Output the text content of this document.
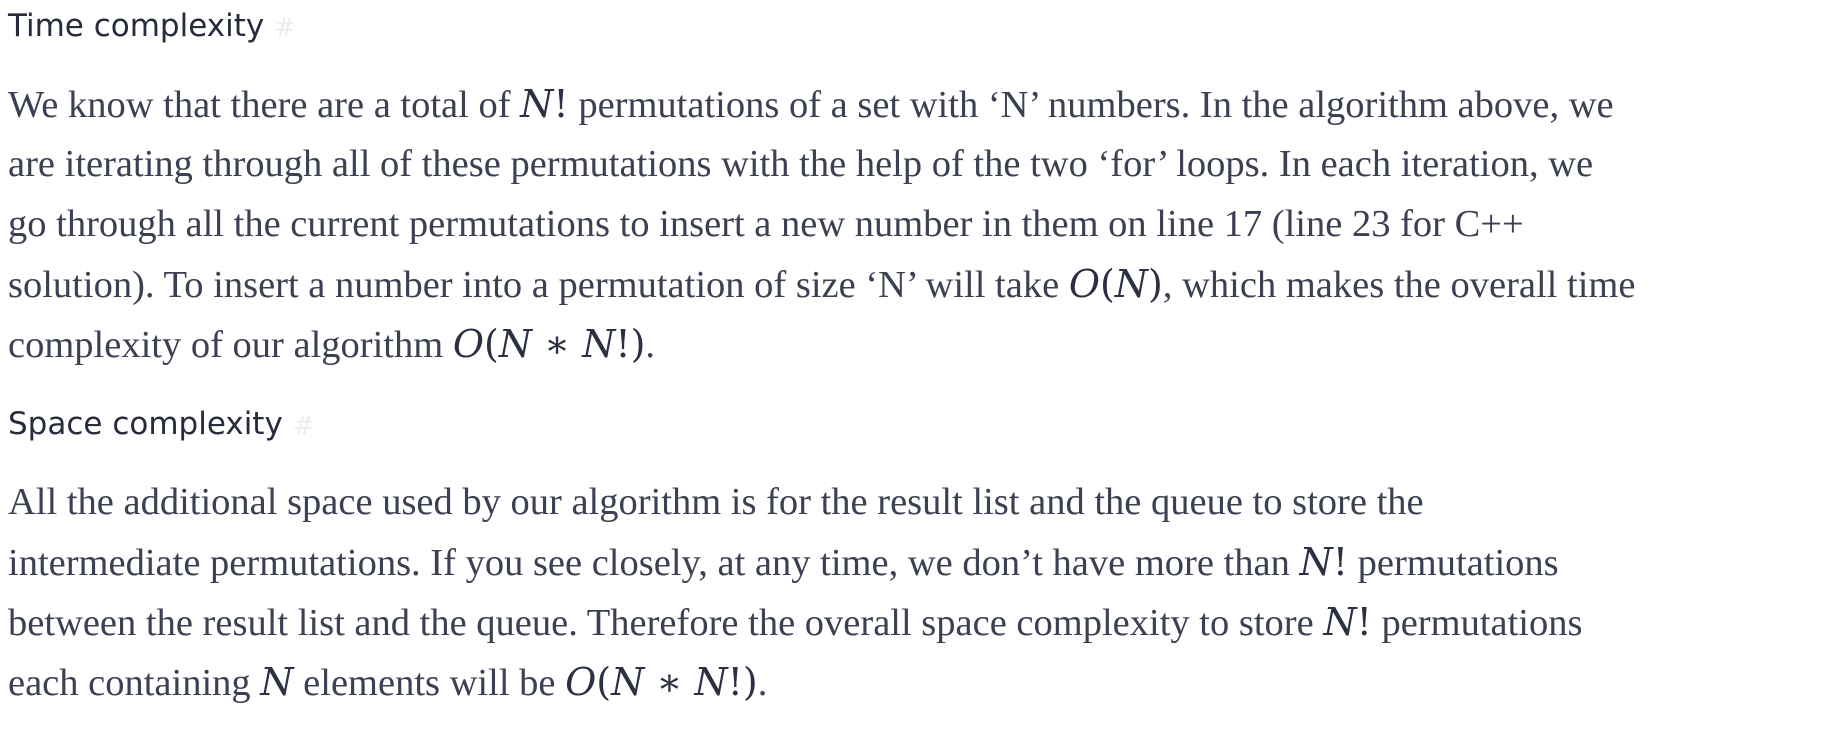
Time complexity #
We know that there are a total of N! permutations of a set with ‘N’ numbers. In the algorithm above, we
are iterating through all of these permutations with the help of the two ‘for’ loops. In each iteration, we
go through all the current permutations to insert a new number in them on line 17 (line 23 for C++
solution). To insert a number into a permutation of size ‘N’ will take O(N), which makes the overall time
complexity of our algorithm O(N ∗ N!).
Space complexity #
All the additional space used by our algorithm is for the result list and the queue to store the
intermediate permutations. If you see closely, at any time, we don’t have more than N! permutations
between the result list and the queue. Therefore the overall space complexity to store N! permutations
each containing N elements will be O(N ∗ N!).
